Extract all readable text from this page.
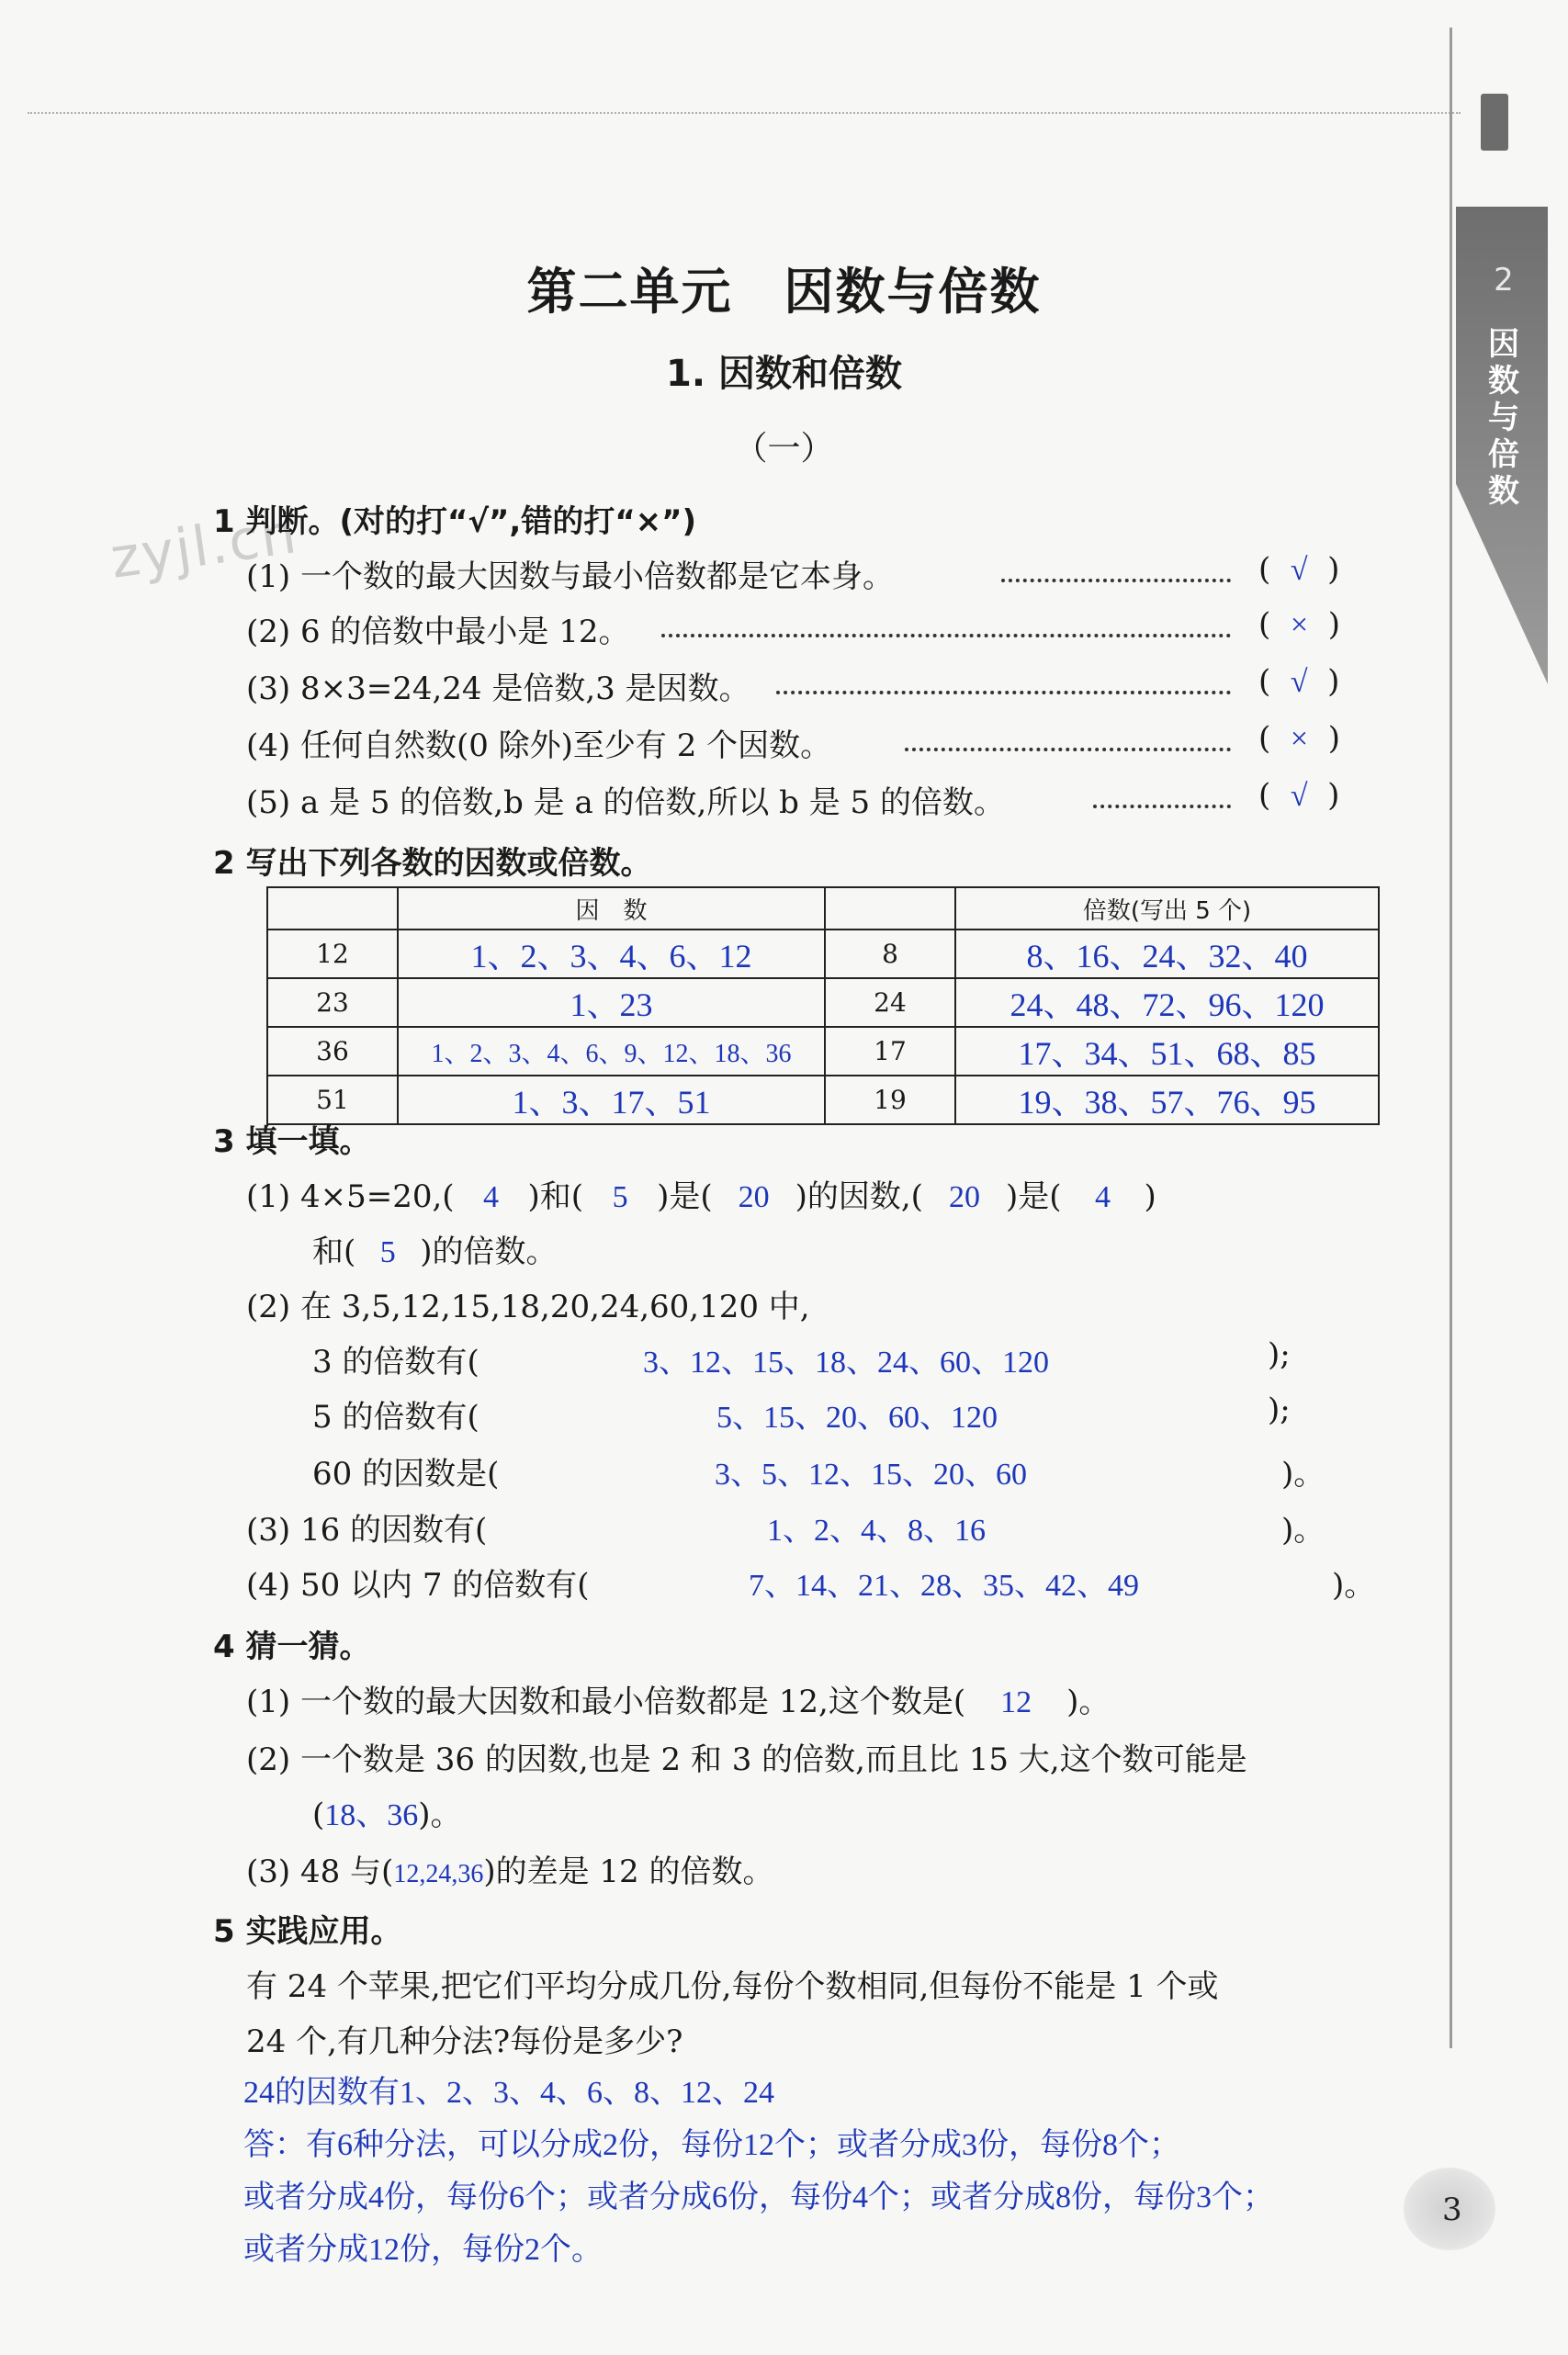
2
因数与倍数
zyjl.cn
第二单元　因数与倍数
1. 因数和倍数
（一）
1 判断。(对的打“√”,错的打“×”)
(1) 一个数的最大因数与最小倍数都是它本身。	(  √  )
(2) 6 的倍数中最小是 12。	(  ×  )
(3) 8×3=24,24 是倍数,3 是因数。	(  √  )
(4) 任何自然数(0 除外)至少有 2 个因数。	(  ×  )
(5) a 是 5 的倍数,b 是 a 的倍数,所以 b 是 5 的倍数。	(  √  )
2 写出下列各数的因数或倍数。
	因　数		倍数(写出 5 个)
12	1、2、3、4、6、12	8	8、16、24、32、40
23	1、23	24	24、48、72、96、120
36	1、2、3、4、6、9、12、18、36	17	17、34、51、68、85
51	1、3、17、51	19	19、38、57、76、95
3 填一填。
(1) 4×5=20,( 4 )和( 5 )是( 20 )的因数,( 20 )是( 4 )
和( 5 )的倍数。
(2) 在 3,5,12,15,18,20,24,60,120 中,
3 的倍数有(	3、12、15、18、24、60、120	);
5 的倍数有(	5、15、20、60、120	);
60 的因数是(	3、5、12、15、20、60	)。
(3) 16 的因数有(	1、2、4、8、16	)。
(4) 50 以内 7 的倍数有(	7、14、21、28、35、42、49	)。
4 猜一猜。
(1) 一个数的最大因数和最小倍数都是 12,这个数是( 12 )。
(2) 一个数是 36 的因数,也是 2 和 3 的倍数,而且比 15 大,这个数可能是
(18、36)。
(3) 48 与(12,24,36)的差是 12 的倍数。
5 实践应用。
有 24 个苹果,把它们平均分成几份,每份个数相同,但每份不能是 1 个或
24 个,有几种分法?每份是多少?
24的因数有1、2、3、4、6、8、12、24
答：有6种分法，可以分成2份，每份12个；或者分成3份，每份8个；
或者分成4份，每份6个；或者分成6份，每份4个；或者分成8份，每份3个；
或者分成12份，每份2个。
3
